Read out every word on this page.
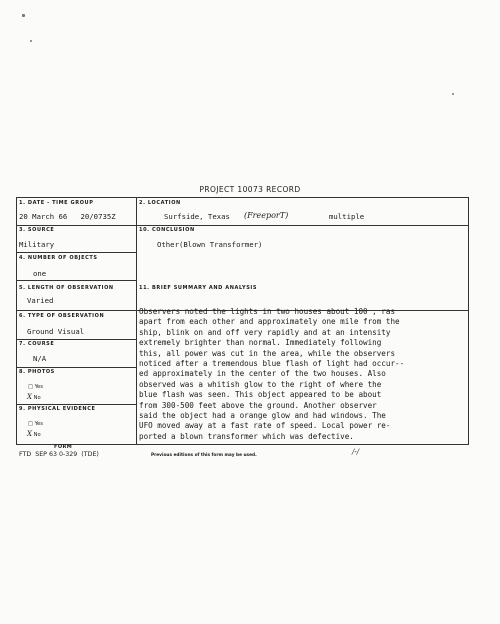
PROJECT 10073 RECORD
1. DATE - TIME GROUP
20 March 66   20/0735Z
2. LOCATION
Surfside, Texas (FreeporT)	multiple
3. SOURCE
Military
10. CONCLUSION
Other(Blown Transformer)
4. NUMBER OF OBJECTS
one
5. LENGTH OF OBSERVATION
Varied
11. BRIEF SUMMARY AND ANALYSIS
Observers noted the lights in two houses about 100 , ras
apart from each other and approximately one mile from the
ship, blink on and off very rapidly and at an intensity
extremely brighter than normal. Immediately following
this, all power was cut in the area, while the observers
noticed after a tremendous blue flash of light had occur--
ed approximately in the center of the two houses. Also
observed was a whitish glow to the right of where the
blue flash was seen. This object appeared to be about
from 300-500 feet above the ground. Another observer
said the object had a orange glow and had windows. The
UFO moved away at a fast rate of speed. Local power re-
ported a blown transformer which was defective.
6. TYPE OF OBSERVATION
Ground Visual
7. COURSE
N/A
8. PHOTOS
□ Yes
X No
9. PHYSICAL EVIDENCE
□ Yes
X No
FORM
FTD  SEP 63 0-329  (TDE)	Previous editions of this form may be used.	/-/
